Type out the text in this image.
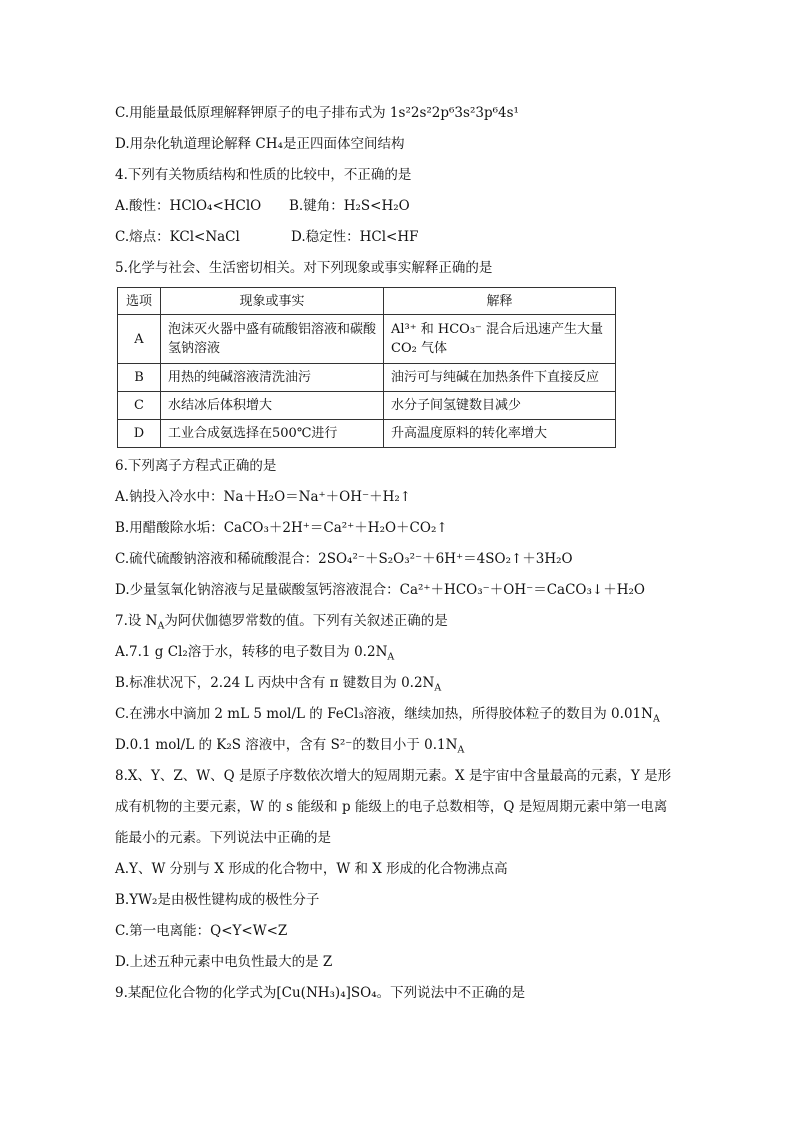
C.用能量最低原理解释钾原子的电子排布式为 1s²2s²2p⁶3s²3p⁶4s¹
D.用杂化轨道理论解释 CH₄是正四面体空间结构
4.下列有关物质结构和性质的比较中，不正确的是
A.酸性：HClO₄<HClO B.键角：H₂S<H₂O
C.熔点：KCl<NaCl	D.稳定性：HCl<HF
5.化学与社会、生活密切相关。对下列现象或事实解释正确的是
选项	现象或事实	解释
A	泡沫灭火器中盛有硫酸铝溶液和碳酸氢钠溶液	Al³⁺ 和 HCO₃⁻ 混合后迅速产生大量 CO₂ 气体
B	用热的纯碱溶液清洗油污	油污可与纯碱在加热条件下直接反应
C	水结冰后体积增大	水分子间氢键数目减少
D	工业合成氨选择在500℃进行	升高温度原料的转化率增大
6.下列离子方程式正确的是
A.钠投入冷水中：Na＋H₂O＝Na⁺＋OH⁻＋H₂↑
B.用醋酸除水垢：CaCO₃＋2H⁺＝Ca²⁺＋H₂O＋CO₂↑
C.硫代硫酸钠溶液和稀硫酸混合：2SO₄²⁻＋S₂O₃²⁻＋6H⁺＝4SO₂↑＋3H₂O
D.少量氢氧化钠溶液与足量碳酸氢钙溶液混合：Ca²⁺＋HCO₃⁻＋OH⁻＝CaCO₃↓＋H₂O
7.设 $N_A$为阿伏伽德罗常数的值。下列有关叙述正确的是
A.7.1 g Cl₂溶于水，转移的电子数目为 $0.2N_A$
B.标准状况下，2.24 L 丙炔中含有 π 键数目为 $0.2N_A$
C.在沸水中滴加 2 mL 5 mol/L 的 FeCl₃溶液，继续加热，所得胶体粒子的数目为 $0.01N_A$
D.0.1 mol/L 的 K₂S 溶液中，含有 S²⁻的数目小于 $0.1N_A$
8.X、Y、Z、W、Q 是原子序数依次增大的短周期元素。X 是宇宙中含量最高的元素，Y 是形
成有机物的主要元素，W 的 s 能级和 p 能级上的电子总数相等，Q 是短周期元素中第一电离
能最小的元素。下列说法中正确的是
A.Y、W 分别与 X 形成的化合物中，W 和 X 形成的化合物沸点高
B.YW₂是由极性键构成的极性分子
C.第一电离能：Q<Y<W<Z
D.上述五种元素中电负性最大的是 Z
9.某配位化合物的化学式为[Cu(NH₃)₄]SO₄。下列说法中不正确的是
